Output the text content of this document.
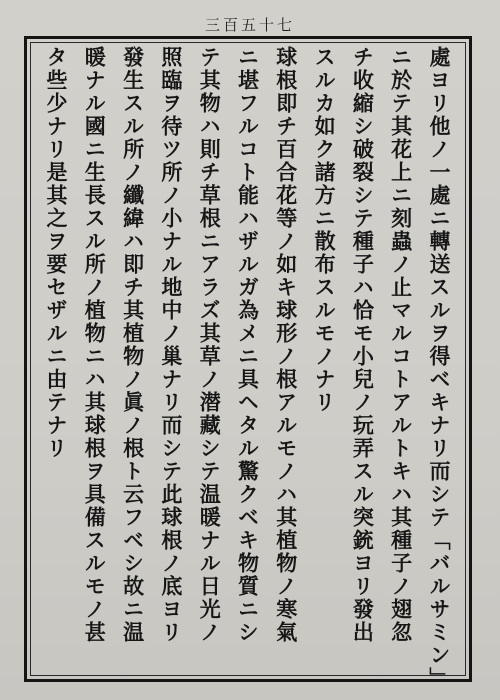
三百五十七
處ヨリ他ノ一處ニ轉送スルヲ得ベキナリ而シテ「バルサミン」
ニ於テ其花上ニ刻蟲ノ止マルコトアルトキハ其種子ノ翅忽
チ收縮シ破裂シテ種子ハ恰モ小兒ノ玩弄スル突銃ヨリ發出
スルカ如ク諸方ニ散布スルモノナリ
球根即チ百合花等ノ如キ球形ノ根アルモノハ其植物ノ寒氣
ニ堪フルコト能ハザルガ為メニ具ヘタル驚クベキ物質ニシ
テ其物ハ則チ草根ニアラズ其草ノ潜藏シテ温暖ナル日光ノ
照臨ヲ待ツ所ノ小ナル地中ノ巢ナリ而シテ此球根ノ底ヨリ
發生スル所ノ纖緯ハ即チ其植物ノ眞ノ根ト云フベシ故ニ温
暖ナル國ニ生長スル所ノ植物ニハ其球根ヲ具備スルモノ甚
タ些少ナリ是其之ヲ要セザルニ由テナリ
